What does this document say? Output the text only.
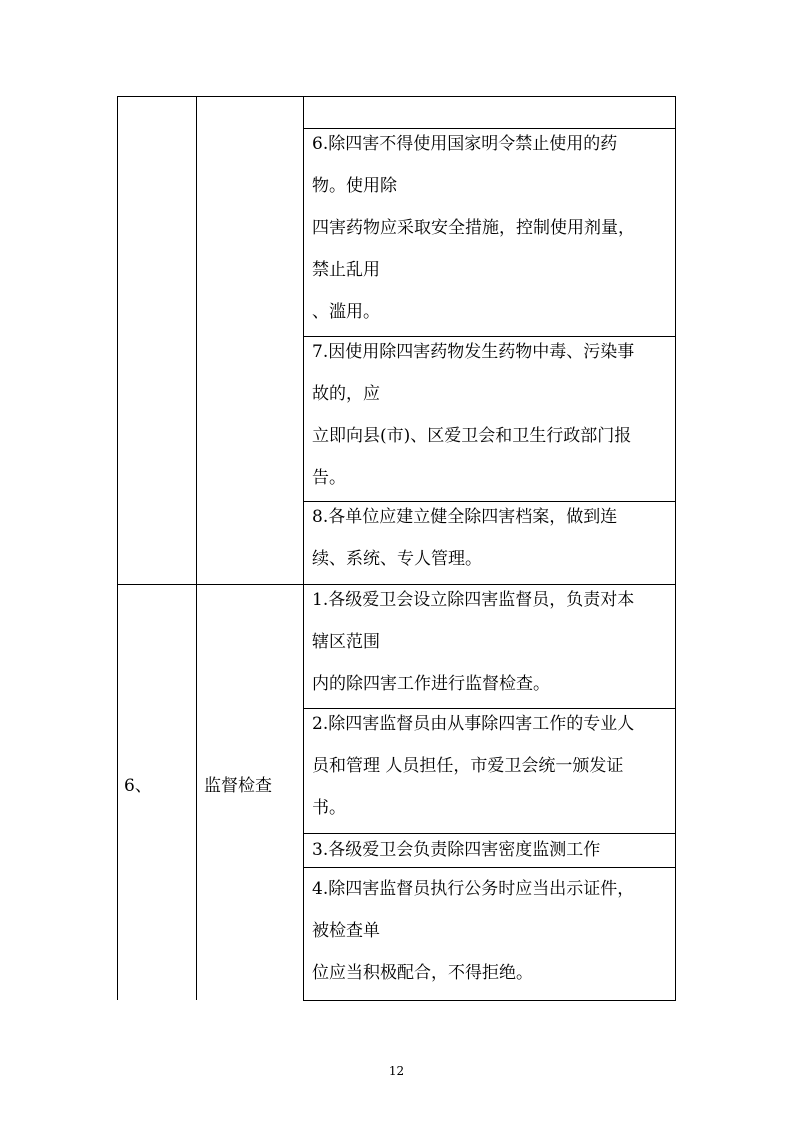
6.除四害不得使用国家明令禁止使用的药
物。使用除
四害药物应采取安全措施，控制使用剂量，
禁止乱用
、滥用。
7.因使用除四害药物发生药物中毒、污染事
故的，应
立即向县(市)、区爱卫会和卫生行政部门报
告。
8.各单位应建立健全除四害档案，做到连
续、系统、专人管理。
6、	监督检查
1.各级爱卫会设立除四害监督员，负责对本
辖区范围
内的除四害工作进行监督检查。
2.除四害监督员由从事除四害工作的专业人
员和管理 人员担任，市爱卫会统一颁发证
书。
3.各级爱卫会负责除四害密度监测工作
4.除四害监督员执行公务时应当出示证件，
被检查单
位应当积极配合，不得拒绝。
12
